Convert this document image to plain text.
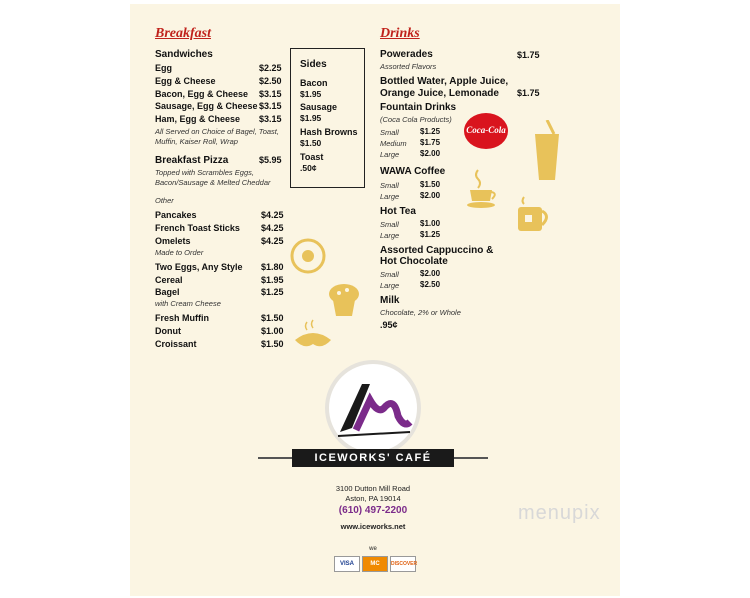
Breakfast
Sandwiches
Egg	$2.25
Egg & Cheese	$2.50
Bacon, Egg & Cheese $3.15
Sausage, Egg & Cheese $3.15
Ham, Egg & Cheese $3.15
All Served on Choice of Bagel, Toast,
Muffin, Kaiser Roll, Wrap
Breakfast Pizza	$5.95
Topped with Scrambles Eggs,
Bacon/Sausage & Melted Cheddar
Other
Pancakes	$4.25
French Toast Sticks $4.25
Omelets	$4.25
Made to Order
Two Eggs, Any Style $1.80
Cereal	$1.95
Bagel	$1.25
with Cream Cheese
Fresh Muffin	$1.50
Donut	$1.00
Croissant	$1.50
Sides
Bacon
$1.95
Sausage
$1.95
Hash Browns
$1.50
Toast
.50¢
Drinks
Powerades	$1.75
Assorted Flavors
Bottled Water, Apple Juice,
Orange Juice, Lemonade $1.75
Fountain Drinks
(Coca Cola Products)
Small	$1.25
Medium $1.75
Large	$2.00
WAWA Coffee
Small	$1.50
Large	$2.00
Hot Tea
Small	$1.00
Large	$1.25
Assorted Cappuccino &
Hot Chocolate
Small	$2.00
Large	$2.50
Milk
Chocolate, 2% or Whole
.95¢
Coca-Cola
ICEWORKS' CAFÉ
3100 Dutton Mill Road
Aston, PA 19014
(610) 497-2200
www.iceworks.net
we
VISA	MC	DISCOVER
menupix
